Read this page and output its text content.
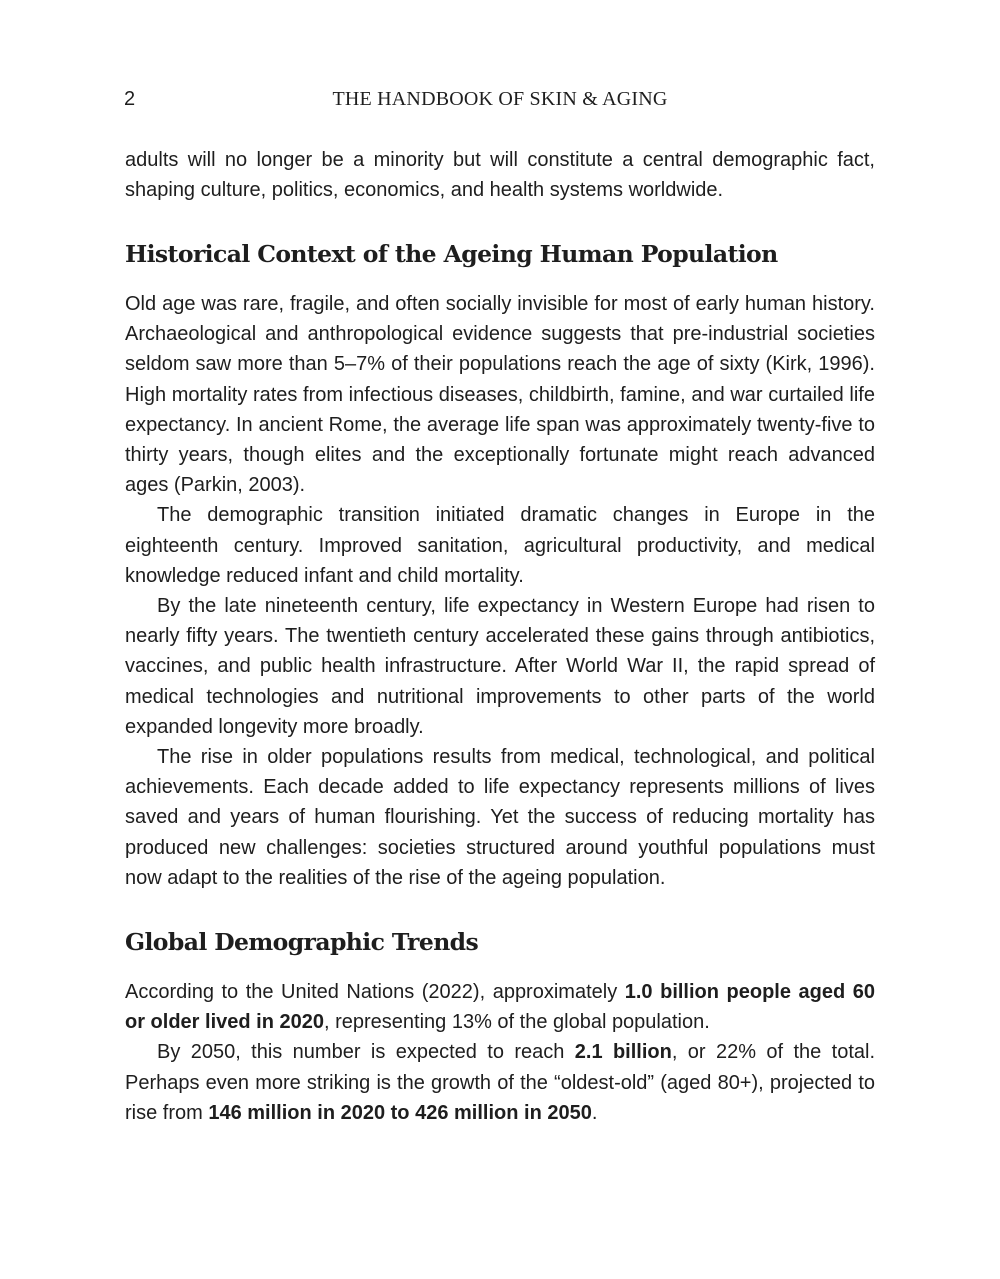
2	THE HANDBOOK OF SKIN & AGING

adults will no longer be a minority but will constitute a central demographic fact, shaping culture, politics, economics, and health systems worldwide.

Historical Context of the Ageing Human Population

Old age was rare, fragile, and often socially invisible for most of early human history. Archaeological and anthropological evidence suggests that pre-industrial societies seldom saw more than 5–7% of their populations reach the age of sixty (Kirk, 1996). High mortality rates from infectious diseases, childbirth, famine, and war curtailed life expectancy. In ancient Rome, the average life span was approximately twenty-five to thirty years, though elites and the exceptionally fortunate might reach advanced ages (Parkin, 2003).

The demographic transition initiated dramatic changes in Europe in the eighteenth century. Improved sanitation, agricultural productivity, and medical knowledge reduced infant and child mortality.

By the late nineteenth century, life expectancy in Western Europe had risen to nearly fifty years. The twentieth century accelerated these gains through antibiotics, vaccines, and public health infrastructure. After World War II, the rapid spread of medical technologies and nutritional improvements to other parts of the world expanded longevity more broadly.

The rise in older populations results from medical, technological, and political achievements. Each decade added to life expectancy represents millions of lives saved and years of human flourishing. Yet the success of reducing mortality has produced new challenges: societies structured around youthful populations must now adapt to the realities of the rise of the ageing population.

Global Demographic Trends

According to the United Nations (2022), approximately 1.0 billion people aged 60 or older lived in 2020, representing 13% of the global population.

By 2050, this number is expected to reach 2.1 billion, or 22% of the total. Perhaps even more striking is the growth of the “oldest-old” (aged 80+), projected to rise from 146 million in 2020 to 426 million in 2050.
